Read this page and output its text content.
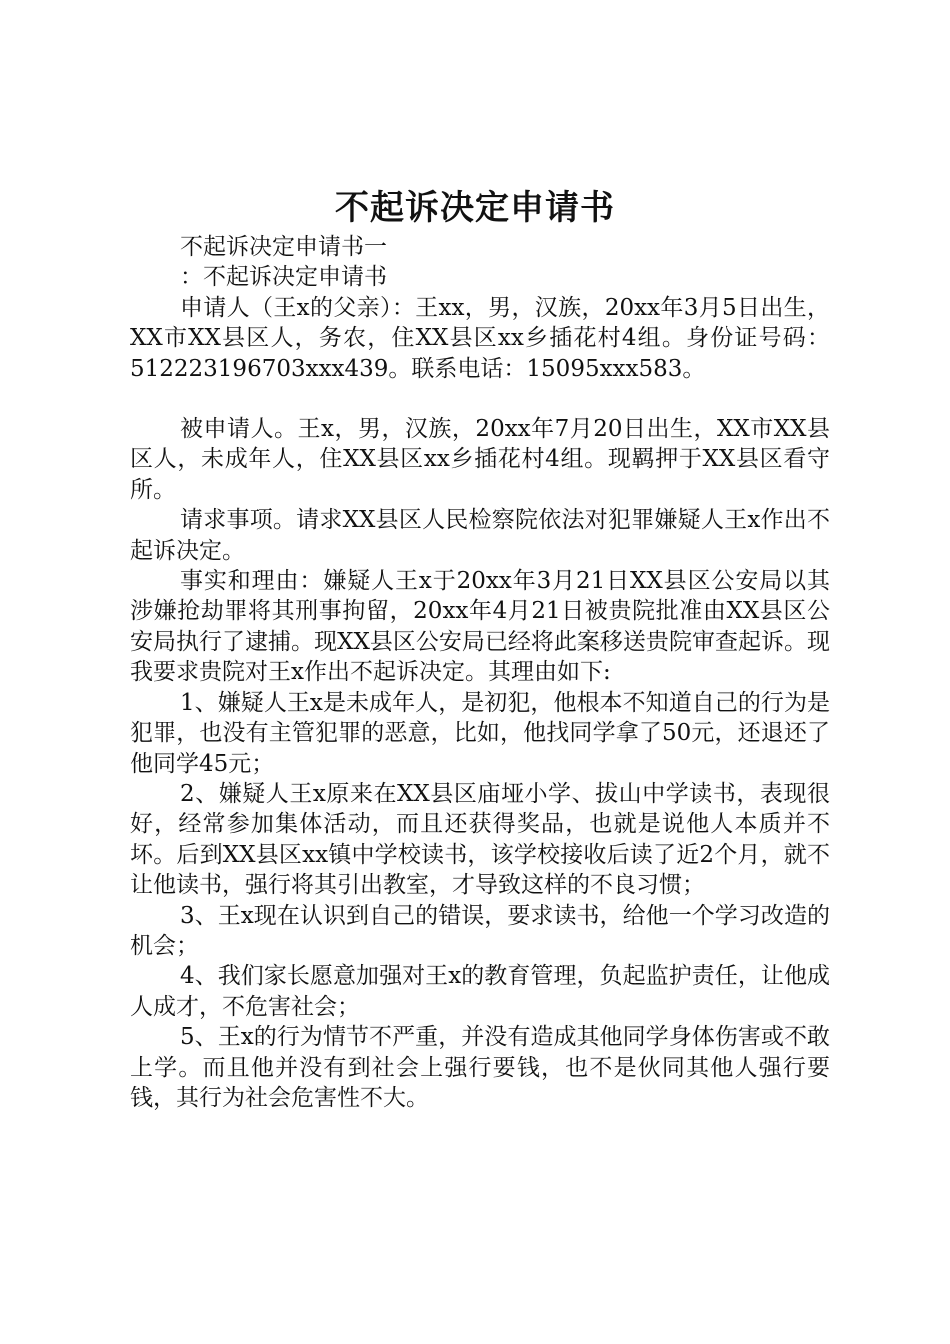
不起诉决定申请书

不起诉决定申请书一

：不起诉决定申请书

申请人（王x的父亲）：王xx，男，汉族，20xx年3月5日出生，XX市XX县区人，务农，住XX县区xx乡插花村4组。身份证号码：512223196703xxx439。联系电话：15095xxx583。

被申请人。王x，男，汉族，20xx年7月20日出生，XX市XX县区人，未成年人，住XX县区xx乡插花村4组。现羁押于XX县区看守所。

请求事项。请求XX县区人民检察院依法对犯罪嫌疑人王x作出不起诉决定。

事实和理由：嫌疑人王x于20xx年3月21日XX县区公安局以其涉嫌抢劫罪将其刑事拘留，20xx年4月21日被贵院批准由XX县区公安局执行了逮捕。现XX县区公安局已经将此案移送贵院审查起诉。现我要求贵院对王x作出不起诉决定。其理由如下:

1、嫌疑人王x是未成年人，是初犯，他根本不知道自己的行为是犯罪，也没有主管犯罪的恶意，比如，他找同学拿了50元，还退还了他同学45元；

2、嫌疑人王x原来在XX县区庙垭小学、拔山中学读书，表现很好，经常参加集体活动，而且还获得奖品，也就是说他人本质并不坏。后到XX县区xx镇中学校读书，该学校接收后读了近2个月，就不让他读书，强行将其引出教室，才导致这样的不良习惯；

3、王x现在认识到自己的错误，要求读书，给他一个学习改造的机会；

4、我们家长愿意加强对王x的教育管理，负起监护责任，让他成人成才，不危害社会；

5、王x的行为情节不严重，并没有造成其他同学身体伤害或不敢上学。而且他并没有到社会上强行要钱，也不是伙同其他人强行要钱，其行为社会危害性不大。
